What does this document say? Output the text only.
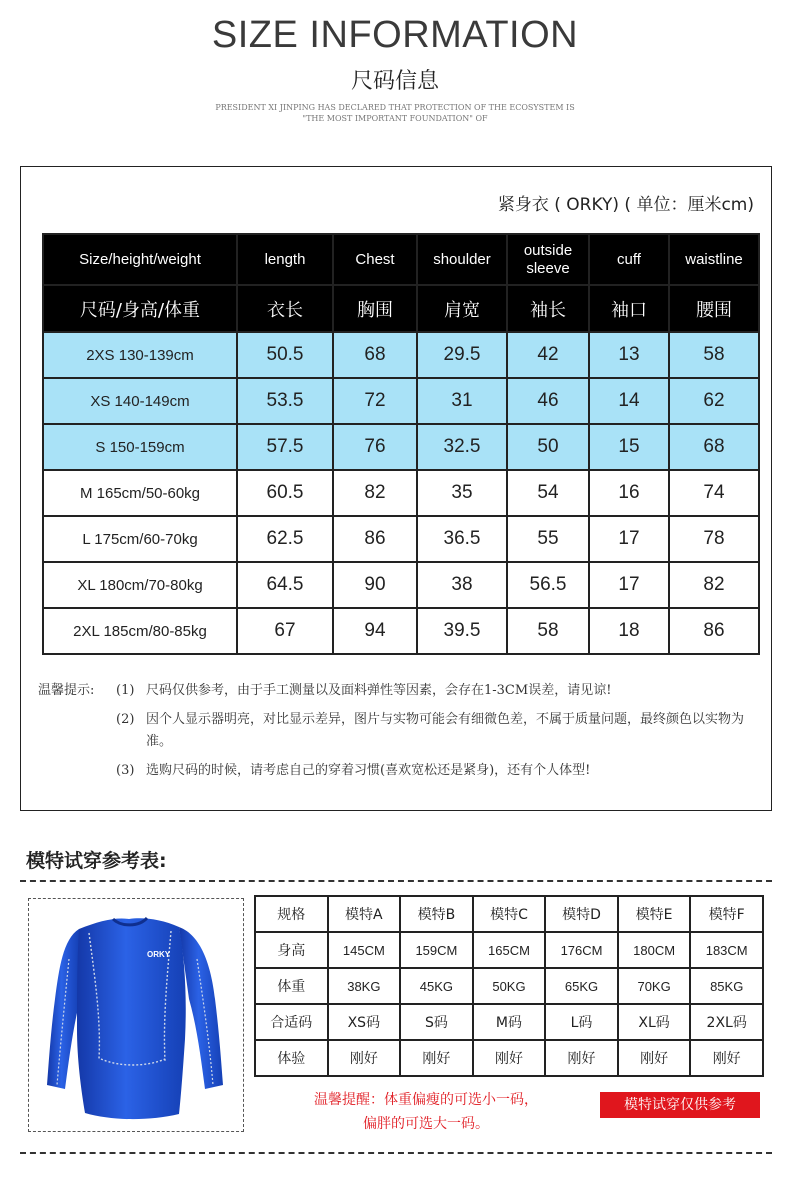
SIZE INFORMATION
尺码信息
PRESIDENT XI JINPING HAS DECLARED THAT PROTECTION OF THE ECOSYSTEM IS
"THE MOST IMPORTANT FOUNDATION" OF
紧身衣 ( ORKY) ( 单位：厘米cm)
Size/height/weight	length	Chest	shoulder	outside sleeve	cuff	waistline
尺码/身高/体重	衣长	胸围	肩宽	袖长	袖口	腰围
2XS 130-139cm	50.5	68	29.5	42	13	58
XS 140-149cm	53.5	72	31	46	14	62
S 150-159cm	57.5	76	32.5	50	15	68
M 165cm/50-60kg	60.5	82	35	54	16	74
L 175cm/60-70kg	62.5	86	36.5	55	17	78
XL 180cm/70-80kg	64.5	90	38	56.5	17	82
2XL 185cm/80-85kg	67	94	39.5	58	18	86
温馨提示:	(1) 尺码仅供参考，由于手工测量以及面料弹性等因素，会存在1-3CM误差，请见谅!
(2) 因个人显示器明亮，对比显示差异，图片与实物可能会有细微色差，不属于质量问题，最终颜色以实物为准。
(3) 选购尺码的时候，请考虑自己的穿着习惯(喜欢宽松还是紧身)，还有个人体型!
模特试穿参考表:
ORKY
规格	模特A	模特B	模特C	模特D	模特E	模特F
身高	145CM	159CM	165CM	176CM	180CM	183CM
体重	38KG	45KG	50KG	65KG	70KG	85KG
合适码	XS码	S码	M码	L码	XL码	2XL码
体验	刚好	刚好	刚好	刚好	刚好	刚好
温馨提醒：体重偏瘦的可选小一码，
偏胖的可选大一码。
模特试穿仅供参考
